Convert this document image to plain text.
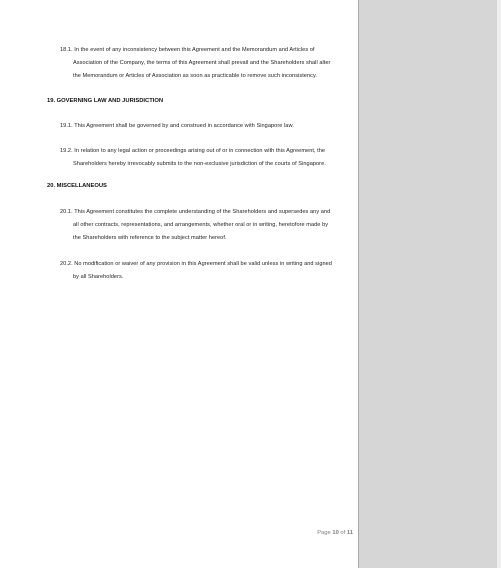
18.1. In the event of any inconsistency between this Agreement and the Memorandum and Articles of
Association of the Company, the terms of this Agreement shall prevail and the Shareholders shall alter
the Memorandum or Articles of Association as soon as practicable to remove such inconsistency.
19. GOVERNING LAW AND JURISDICTION
19.1. This Agreement shall be governed by and construed in accordance with Singapore law.
19.2. In relation to any legal action or proceedings arising out of or in connection with this Agreement, the
Shareholders hereby irrevocably submits to the non-exclusive jurisdiction of the courts of Singapore.
20. MISCELLANEOUS
20.1. This Agreement constitutes the complete understanding of the Shareholders and supersedes any and
all other contracts, representations, and arrangements, whether oral or in writing, heretofore made by
the Shareholders with reference to the subject matter hereof.
20.2. No modification or waiver of any provision in this Agreement shall be valid unless in writing and signed
by all Shareholders.
Page 10 of 11
